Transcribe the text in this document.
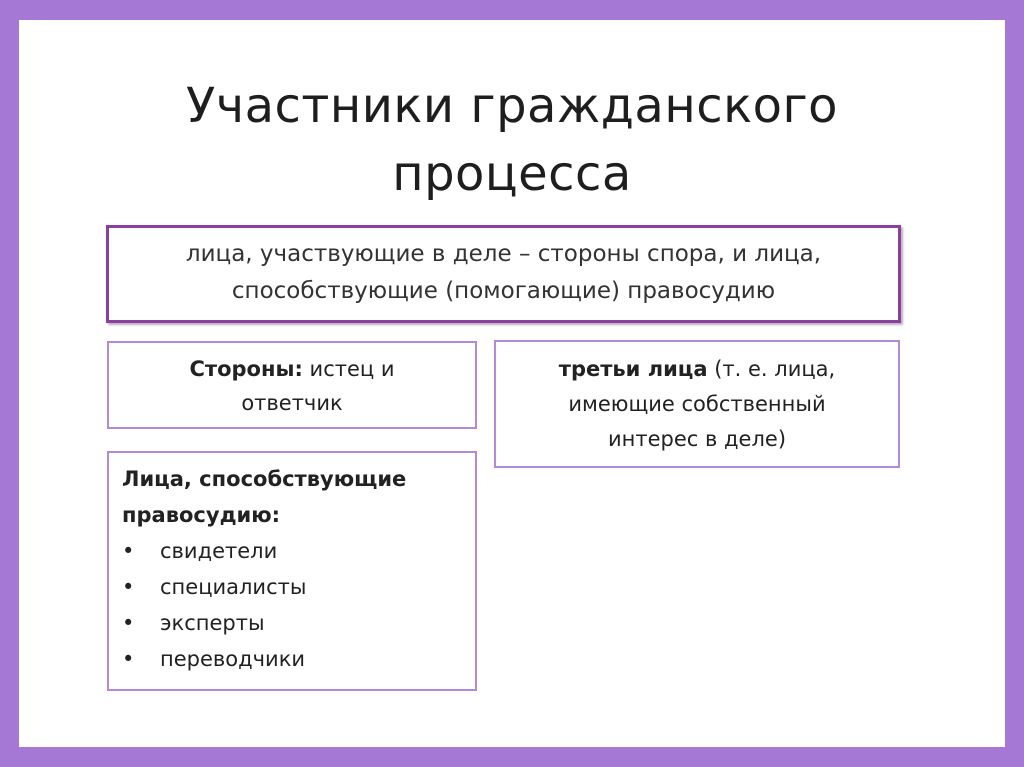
Участники гражданского
процесса
лица, участвующие в деле – стороны спора, и лица,
способствующие (помогающие) правосудию
Стороны: истец и
ответчик
третьи лица (т. е. лица,
имеющие собственный
интерес в деле)
Лица, способствующие
правосудию:
• свидетели
• специалисты
• эксперты
• переводчики
